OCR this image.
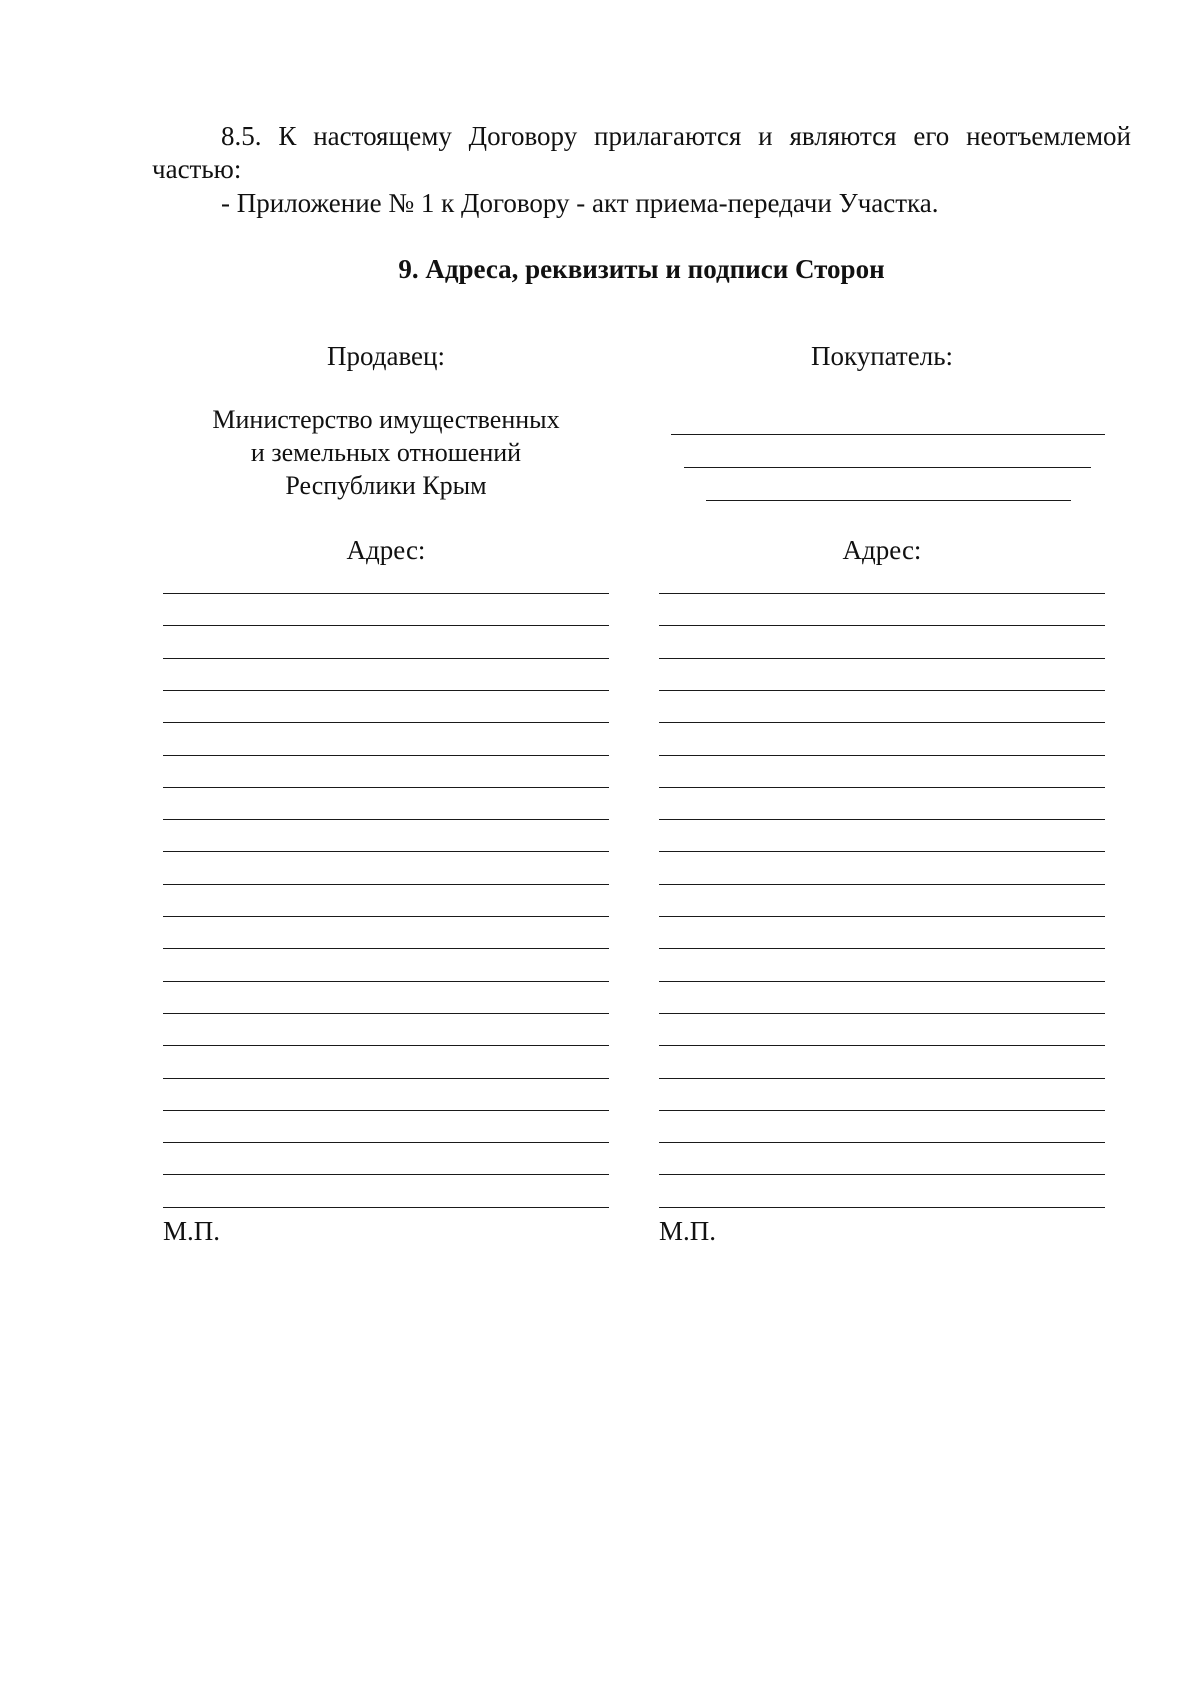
8.5. К настоящему Договору прилагаются и являются его неотъемлемой
частью:
- Приложение № 1 к Договору - акт приема-передачи Участка.
9. Адреса, реквизиты и подписи Сторон
Продавец:
Министерство имущественных
и земельных отношений
Республики Крым
Адрес:
М.П.
Покупатель:
Адрес:
М.П.
